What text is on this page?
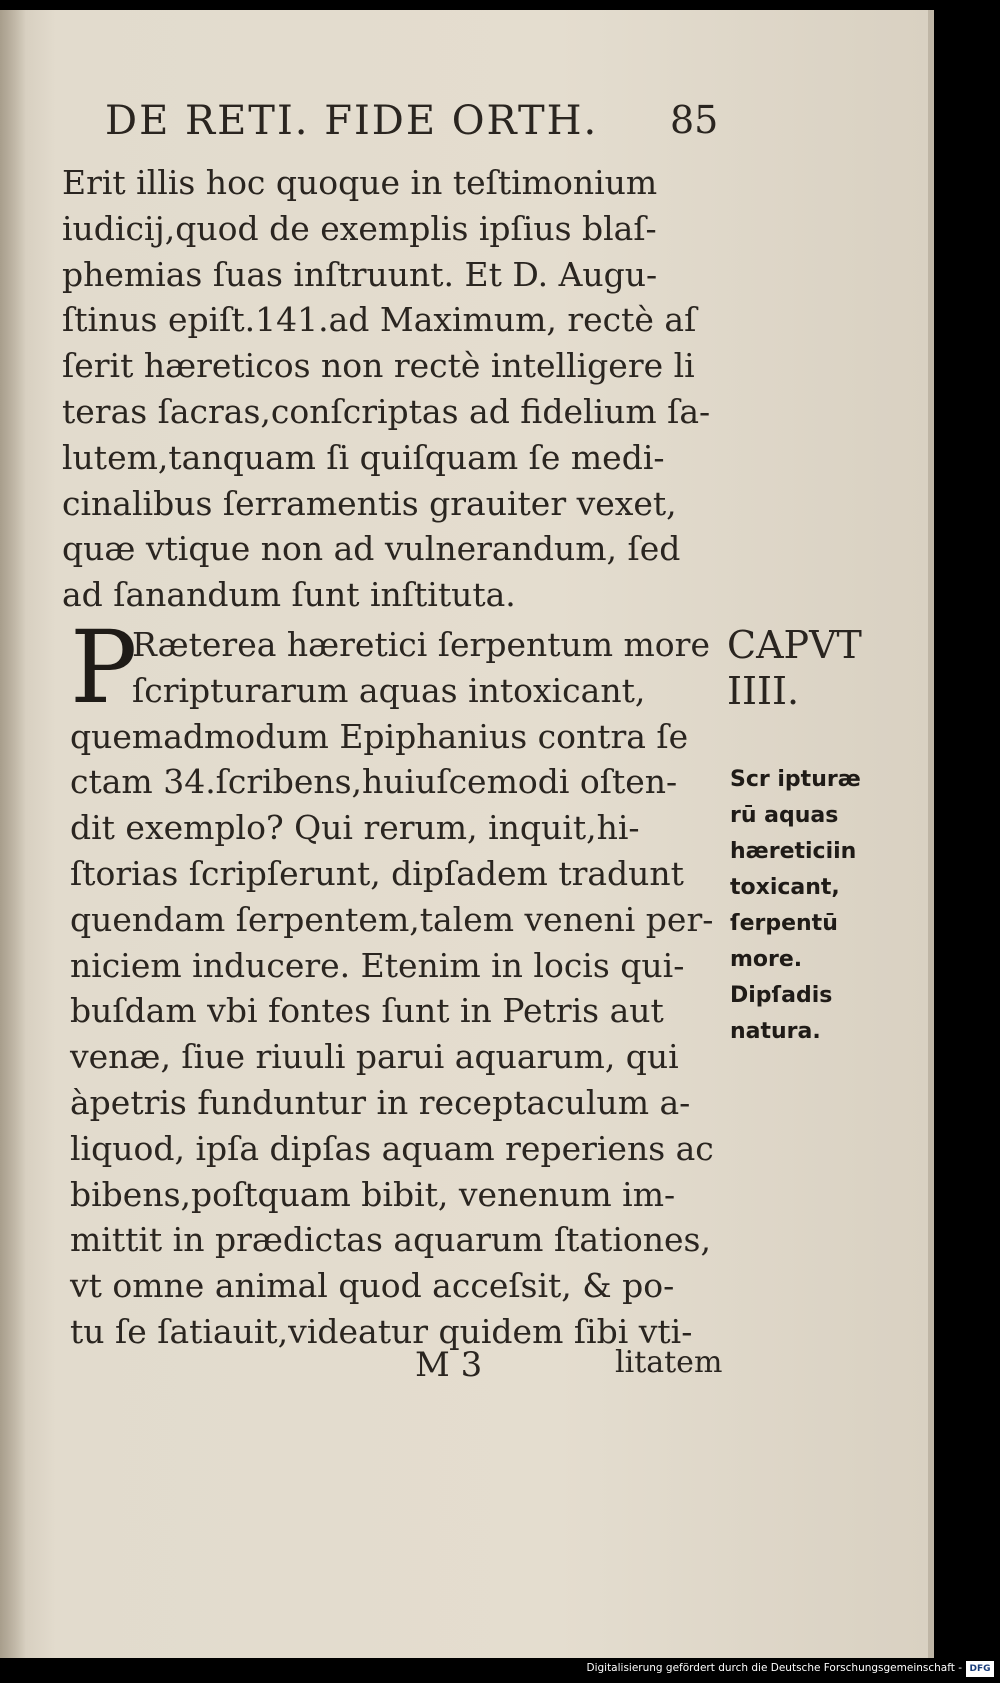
DE RETI. FIDE ORTH.	85
Erit illis hoc quoque in teſtimonium
iudicij,quod de exemplis ipſius blaſ-
phemias ſuas inſtruunt. Et D. Augu-
ſtinus epiſt.141.ad Maximum, rectè aſ
ſerit hæreticos non rectè intelligere li
teras ſacras,conſcriptas ad fidelium ſa-
lutem,tanquam ſi quiſquam ſe medi-
cinalibus ſerramentis grauiter vexet,
quæ vtique non ad vulnerandum, ſed
ad ſanandum ſunt inſtituta.
P
Ræterea hæretici ſerpentum more
ſcripturarum aquas intoxicant,
quemadmodum Epiphanius contra ſe
ctam 34.ſcribens,huiuſcemodi oſten-
dit exemplo? Qui rerum, inquit,hi-
ſtorias ſcripſerunt, dipſadem tradunt
quendam ſerpentem,talem veneni per-
niciem inducere. Etenim in locis qui-
buſdam vbi fontes ſunt in Petris aut
venæ, ſiue riuuli parui aquarum, qui
àpetris funduntur in receptaculum a-
liquod, ipſa dipſas aquam reperiens ac
bibens,poſtquam bibit, venenum im-
mittit in prædictas aquarum ſtationes,
vt omne animal quod acceſsit, & po-
tu ſe ſatiauit,videatur quidem ſibi vti-
CAPVT
IIII.
Scr ipturæ
rū aquas
hæreticiin
toxicant,
ſerpentū
more.
Dipſadis
natura.
M 3	litatem
Digitalisierung gefördert durch die Deutsche Forschungsgemeinschaft - DFG
